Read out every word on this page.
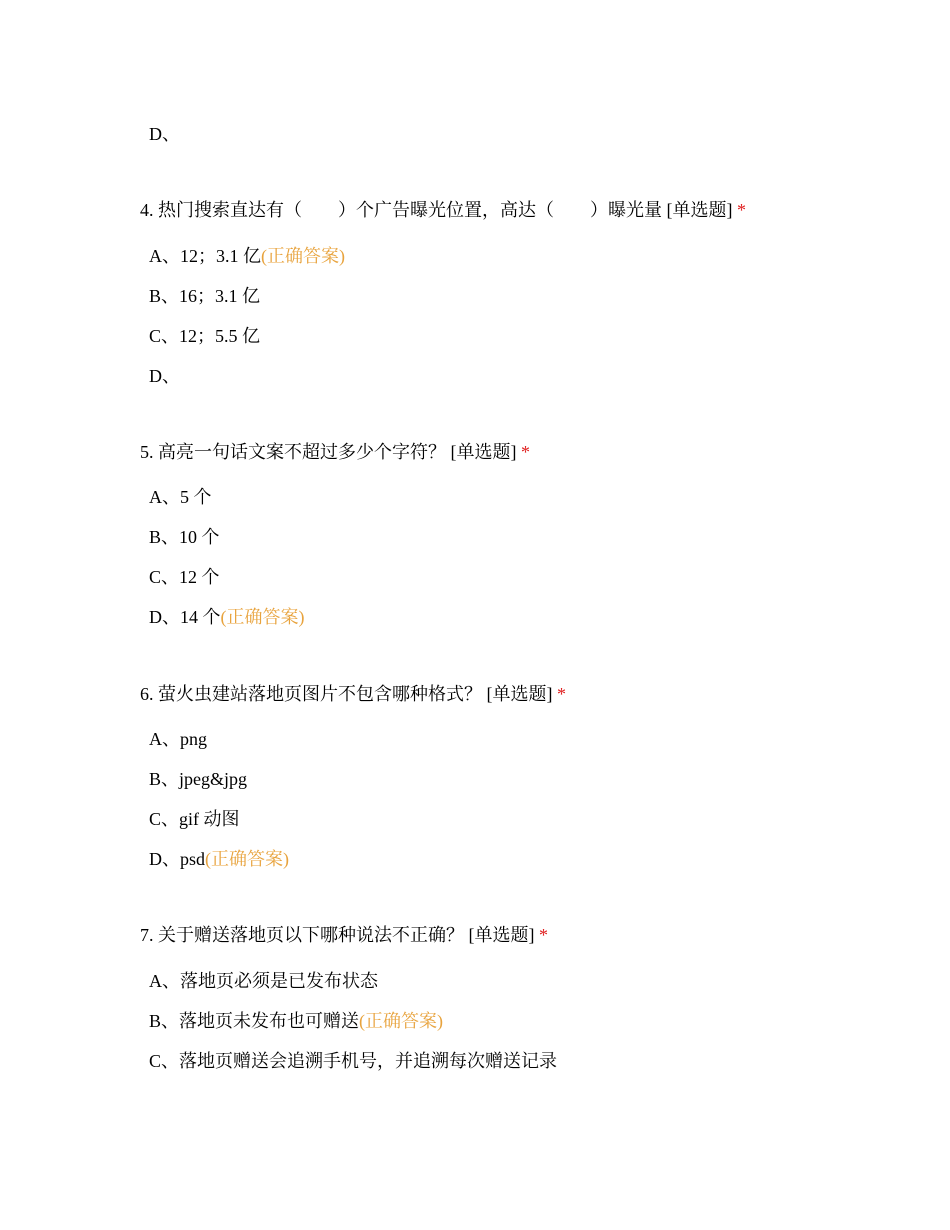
D、
4. 热门搜索直达有（　　）个广告曝光位置，高达（　　）曝光量 [单选题] *
A、12；3.1 亿(正确答案)
B、16；3.1 亿
C、12；5.5 亿
D、
5. 高亮一句话文案不超过多少个字符？ [单选题] *
A、5 个
B、10 个
C、12 个
D、14 个(正确答案)
6. 萤火虫建站落地页图片不包含哪种格式？ [单选题] *
A、png
B、jpeg&jpg
C、gif 动图
D、psd(正确答案)
7. 关于赠送落地页以下哪种说法不正确？ [单选题] *
A、落地页必须是已发布状态
B、落地页未发布也可赠送(正确答案)
C、落地页赠送会追溯手机号，并追溯每次赠送记录
